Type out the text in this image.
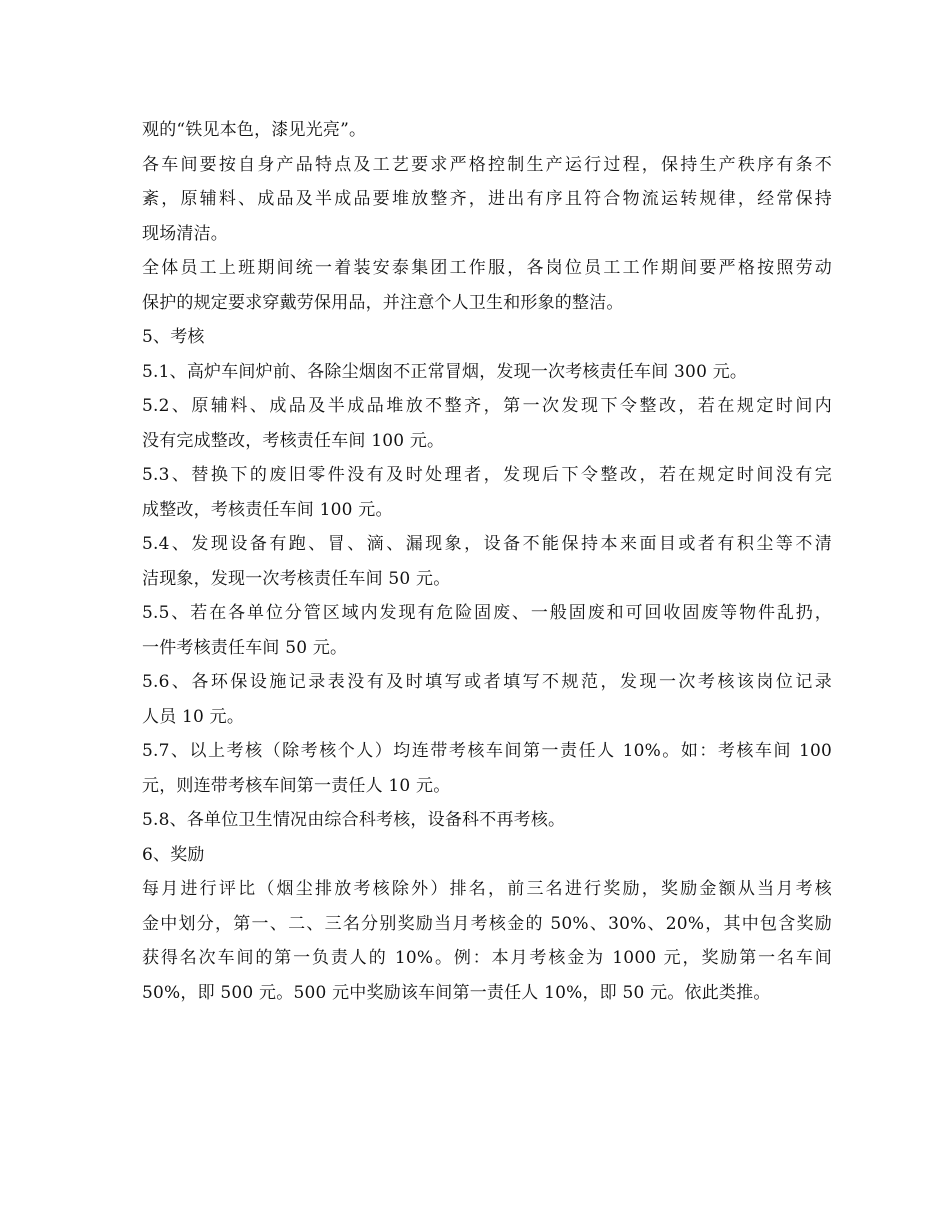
观的“铁见本色，漆见光亮”。
各车间要按自身产品特点及工艺要求严格控制生产运行过程，保持生产秩序有条不
紊，原辅料、成品及半成品要堆放整齐，进出有序且符合物流运转规律，经常保持
现场清洁。
全体员工上班期间统一着装安泰集团工作服，各岗位员工工作期间要严格按照劳动
保护的规定要求穿戴劳保用品，并注意个人卫生和形象的整洁。
5、考核
5.1、高炉车间炉前、各除尘烟囱不正常冒烟，发现一次考核责任车间 300 元。
5.2、原辅料、成品及半成品堆放不整齐，第一次发现下令整改，若在规定时间内
没有完成整改，考核责任车间 100 元。
5.3、替换下的废旧零件没有及时处理者，发现后下令整改，若在规定时间没有完
成整改，考核责任车间 100 元。
5.4、发现设备有跑、冒、滴、漏现象，设备不能保持本来面目或者有积尘等不清
洁现象，发现一次考核责任车间 50 元。
5.5、若在各单位分管区域内发现有危险固废、一般固废和可回收固废等物件乱扔，
一件考核责任车间 50 元。
5.6、各环保设施记录表没有及时填写或者填写不规范，发现一次考核该岗位记录
人员 10 元。
5.7、以上考核（除考核个人）均连带考核车间第一责任人 10%。如：考核车间 100
元，则连带考核车间第一责任人 10 元。
5.8、各单位卫生情况由综合科考核，设备科不再考核。
6、奖励
每月进行评比（烟尘排放考核除外）排名，前三名进行奖励，奖励金额从当月考核
金中划分，第一、二、三名分别奖励当月考核金的 50%、30%、20%，其中包含奖励
获得名次车间的第一负责人的 10%。例：本月考核金为 1000 元，奖励第一名车间
50%，即 500 元。500 元中奖励该车间第一责任人 10%，即 50 元。依此类推。
